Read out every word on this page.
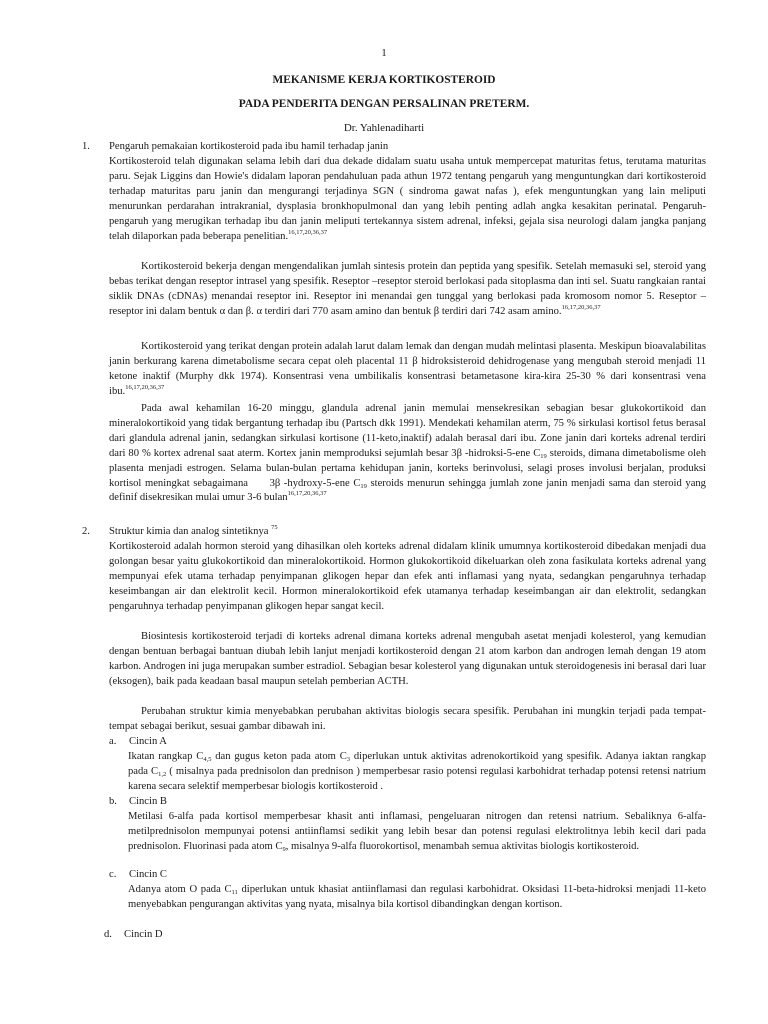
1
MEKANISME KERJA KORTIKOSTEROID
PADA PENDERITA DENGAN PERSALINAN PRETERM.
Dr. Yahlenadiharti
1. Pengaruh pemakaian kortikosteroid pada ibu hamil terhadap janin
Kortikosteroid telah digunakan selama lebih dari dua dekade didalam suatu usaha untuk mempercepat maturitas fetus, terutama maturitas paru. Sejak Liggins dan Howie's didalam laporan pendahuluan pada athun 1972 tentang pengaruh yang menguntungkan dari kortikosteroid terhadap maturitas paru janin dan mengurangi terjadinya SGN ( sindroma gawat nafas ), efek menguntungkan yang lain meliputi menurunkan perdarahan intrakranial, dysplasia bronkhopulmonal dan yang lebih penting adlah angka kesakitan perinatal. Pengaruh-pengaruh yang merugikan terhadap ibu dan janin meliputi tertekannya sistem adrenal, infeksi, gejala sisa neurologi dalam jangka panjang telah dilaporkan pada beberapa penelitian.$^{16,17,20,36,37}$
Kortikosteroid bekerja dengan mengendalikan jumlah sintesis protein dan peptida yang spesifik. Setelah memasuki sel, steroid yang bebas terikat dengan reseptor intrasel yang spesifik. Reseptor –reseptor steroid berlokasi pada sitoplasma dan inti sel. Suatu rangkaian rantai siklik DNAs (cDNAs) menandai reseptor ini. Reseptor ini menandai gen tunggal yang berlokasi pada kromosom nomor 5. Reseptor – reseptor ini dalam bentuk α dan β. α terdiri dari 770 asam amino dan bentuk β terdiri dari 742 asam amino.$^{16,17,20,36,37}$
Kortikosteroid yang terikat dengan protein adalah larut dalam lemak dan dengan mudah melintasi plasenta. Meskipun bioavalabilitas janin berkurang karena dimetabolisme secara cepat oleh placental 11 β hidroksisteroid dehidrogenase yang mengubah steroid menjadi 11 ketone inaktif (Murphy dkk 1974). Konsentrasi vena umbilikalis konsentrasi betametasone kira-kira 25-30 % dari konsentrasi vena ibu.$^{16,17,20,36,37}$
Pada awal kehamilan 16-20 minggu, glandula adrenal janin memulai mensekresikan sebagian besar glukokortikoid dan mineralokortikoid yang tidak bergantung terhadap ibu (Partsch dkk 1991). Mendekati kehamilan aterm, 75 % sirkulasi kortisol fetus berasal dari glandula adrenal janin, sedangkan sirkulasi kortisone (11-keto,inaktif) adalah berasal dari ibu. Zone janin dari korteks adrenal terdiri dari 80 % kortex adrenal saat aterm. Kortex janin memproduksi sejumlah besar 3β -hidroksi-5-ene $C_{19}$ steroids, dimana dimetabolisme oleh plasenta menjadi estrogen. Selama bulan-bulan pertama kehidupan janin, korteks berinvolusi, selagi proses involusi berjalan, produksi kortisol meningkat sebagaimana      3β -hydroxy-5-ene $C_{19}$ steroids menurun sehingga jumlah zone janin menjadi sama dan steroid yang definif disekresikan mulai umur 3-6 bulan$^{16,17,20,36,37}$
2. Struktur kimia dan analog sintetiknya $^{75}$
Kortikosteroid adalah hormon steroid yang dihasilkan oleh korteks adrenal didalam klinik umumnya kortikosteroid dibedakan menjadi dua golongan besar yaitu glukokortikoid dan mineralokortikoid. Hormon glukokortikoid dikeluarkan oleh zona fasikulata korteks adrenal yang mempunyai efek utama terhadap penyimpanan glikogen hepar dan efek anti inflamasi yang nyata, sedangkan pengaruhnya terhadap keseimbangan air dan elektrolit kecil. Hormon mineralokortikoid efek utamanya terhadap keseimbangan air dan elektrolit, sedangkan pengaruhnya terhadap penyimpanan glikogen hepar sangat kecil.
Biosintesis kortikosteroid terjadi di korteks adrenal dimana korteks adrenal mengubah asetat menjadi kolesterol, yang kemudian dengan bentuan berbagai bantuan diubah lebih lanjut menjadi kortikosteroid dengan 21 atom karbon dan androgen lemah dengan 19 atom karbon. Androgen ini juga merupakan sumber estradiol. Sebagian besar kolesterol yang digunakan untuk steroidogenesis ini berasal dari luar (eksogen), baik pada keadaan basal maupun setelah pemberian ACTH.
Perubahan struktur kimia menyebabkan perubahan aktivitas biologis secara spesifik. Perubahan ini mungkin terjadi pada tempat-tempat sebagai berikut, sesuai gambar dibawah ini.
a. Cincin A
Ikatan rangkap $C_{4,5}$ dan gugus keton pada atom $C_3$ diperlukan untuk aktivitas adrenokortikoid yang spesifik. Adanya iaktan rangkap pada $C_{1,2}$ ( misalnya pada prednisolon dan prednison ) memperbesar rasio potensi regulasi karbohidrat terhadap potensi retensi natrium karena secara selektif memperbesar biologis kortikosteroid .
b. Cincin B
Metilasi 6-alfa pada kortisol memperbesar khasit anti inflamasi, pengeluaran nitrogen dan retensi natrium. Sebaliknya 6-alfa-metilprednisolon mempunyai potensi antiinflamsi sedikit yang lebih besar dan potensi regulasi elektrolitnya lebih kecil dari pada prednisolon. Fluorinasi pada atom $C_9$, misalnya 9-alfa fluorokortisol, menambah semua aktivitas biologis kortikosteroid.
c. Cincin C
Adanya atom O pada $C_{11}$ diperlukan untuk khasiat antiinflamasi dan regulasi karbohidrat. Oksidasi 11-beta-hidroksi menjadi 11-keto menyebabkan pengurangan aktivitas yang nyata, misalnya bila kortisol dibandingkan dengan kortison.
d. Cincin D
